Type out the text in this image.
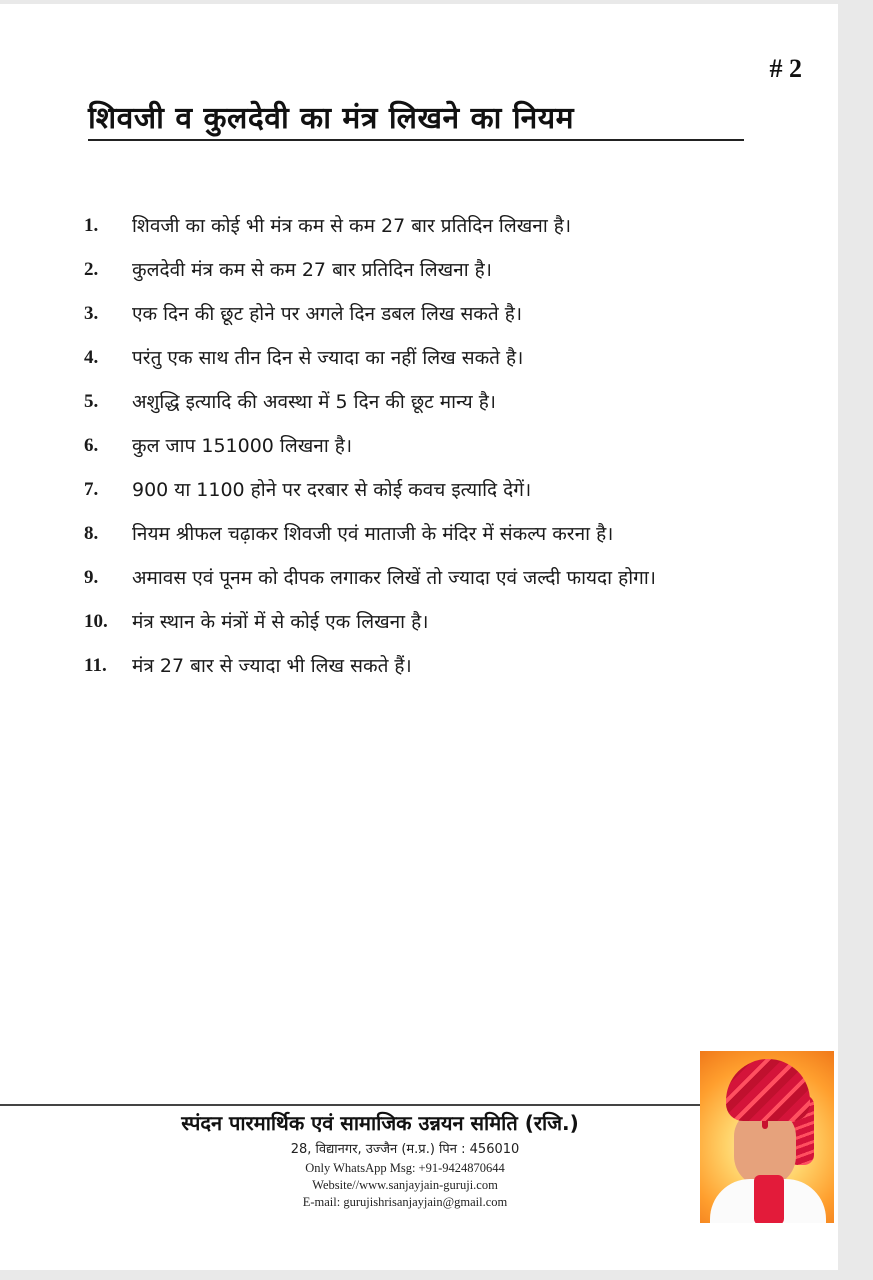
# 2
शिवजी व कुलदेवी का मंत्र लिखने का नियम
1.	शिवजी का कोई भी मंत्र कम से कम 27 बार प्रतिदिन लिखना है।
2.	कुलदेवी मंत्र कम से कम 27 बार प्रतिदिन लिखना है।
3.	एक दिन की छूट होने पर अगले दिन डबल लिख सकते है।
4.	परंतु एक साथ तीन दिन से ज्यादा का नहीं लिख सकते है।
5.	अशुद्धि इत्यादि की अवस्था में 5 दिन की छूट मान्य है।
6.	कुल जाप 151000 लिखना है।
7.	900 या 1100 होने पर दरबार से कोई कवच इत्यादि देगें।
8.	नियम श्रीफल चढ़ाकर शिवजी एवं माताजी के मंदिर में संकल्प करना है।
9.	अमावस एवं पूनम को दीपक लगाकर लिखें तो ज्यादा एवं जल्दी फायदा होगा।
10.	मंत्र स्थान के मंत्रों में से कोई एक लिखना है।
11.	मंत्र 27 बार से ज्यादा भी लिख सकते हैं।
स्पंदन पारमार्थिक एवं सामाजिक उन्नयन समिति (रजि.)
28, विद्यानगर, उज्जैन (म.प्र.) पिन : 456010
Only WhatsApp Msg: +91-9424870644
Website//www.sanjayjain-guruji.com
E-mail: gurujishrisanjayjain@gmail.com
